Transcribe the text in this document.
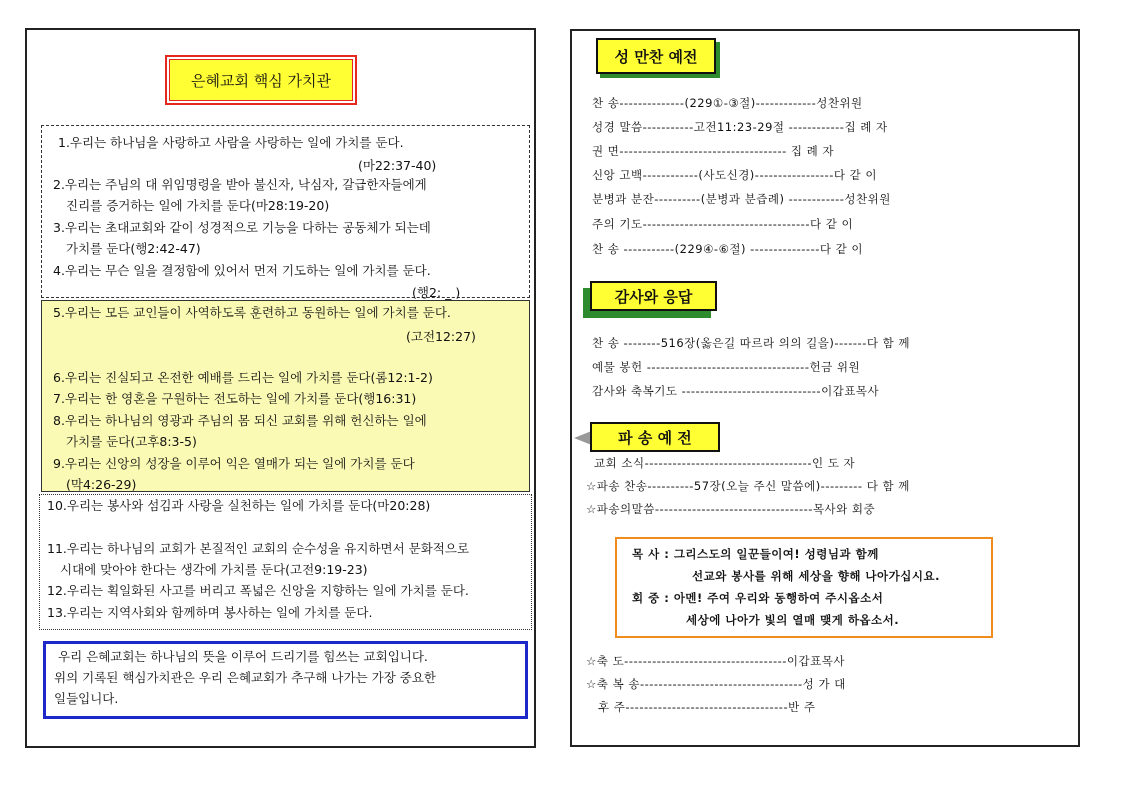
은혜교회 핵심 가치관
1.우리는 하나님을 사랑하고 사람을 사랑하는 일에 가치를 둔다.
(마22:37-40)
2.우리는 주님의 대 위임명령을 받아 불신자, 낙심자, 갈급한자들에게
진리를 증거하는 일에 가치를 둔다(마28:19-20)
3.우리는 초대교회와 같이 성경적으로 기능을 다하는 공동체가 되는데
가치를 둔다(행2:42-47)
4.우리는 무슨 일을 결정함에 있어서 먼저 기도하는 일에 가치를 둔다.
(행2: _ )
5.우리는 모든 교인들이 사역하도록 훈련하고 동원하는 일에 가치를 둔다.
(고전12:27)
6.우리는 진실되고 온전한 예배를 드리는 일에 가치를 둔다(롬12:1-2)
7.우리는 한 영혼을 구원하는 전도하는 일에 가치를 둔다(행16:31)
8.우리는 하나님의 영광과 주님의 몸 되신 교회를 위해 헌신하는 일에
가치를 둔다(고후8:3-5)
9.우리는 신앙의 성장을 이루어 익은 열매가 되는 일에 가치를 둔다
(막4:26-29)
10.우리는 봉사와 섬김과 사랑을 실천하는 일에 가치를 둔다(마20:28)
11.우리는 하나님의 교회가 본질적인 교회의 순수성을 유지하면서 문화적으로
시대에 맞아야 한다는 생각에 가치를 둔다(고전9:19-23)
12.우리는 획일화된 사고를 버리고 폭넓은 신앙을 지향하는 일에 가치를 둔다.
13.우리는 지역사회와 함께하며 봉사하는 일에 가치를 둔다.
우리 은혜교회는 하나님의 뜻을 이루어 드리기를 힘쓰는 교회입니다.
위의 기록된 핵심가치관은 우리 은혜교회가 추구해 나가는 가장 중요한
일들입니다.
성 만찬 예전
찬 송--------------(229①-③절)-------------성찬위원
성경 말씀-----------고전11:23-29절 ------------집 례 자
권 면------------------------------------ 집 례 자
신앙 고백------------(사도신경)-----------------다 같 이
분병과 분잔----------(분병과 분즙례) ------------성찬위원
주의 기도------------------------------------다 같 이
찬 송 -----------(229④-⑥절) ---------------다 같 이
감사와 응답
찬 송 --------516장(옳은길 따르라 의의 길을)-------다 함 께
예물 봉헌 -----------------------------------헌금 위원
감사와 축복기도 ------------------------------이갑표목사
파 송 예 전
교회 소식------------------------------------인 도 자
☆파송 찬송----------57장(오늘 주신 말씀에)--------- 다 함 께
☆파송의말씀----------------------------------목사와 회중
목 사 : 그리스도의 일꾼들이여! 성령님과 함께
선교와 봉사를 위해 세상을 향해 나아가십시요.
회 중 : 아멘! 주여 우리와 동행하여 주시옵소서
세상에 나아가 빛의 열매 맺게 하옵소서.
☆축 도-----------------------------------이갑표목사
☆축 복 송-----------------------------------성 가 대
후 주-----------------------------------반 주
